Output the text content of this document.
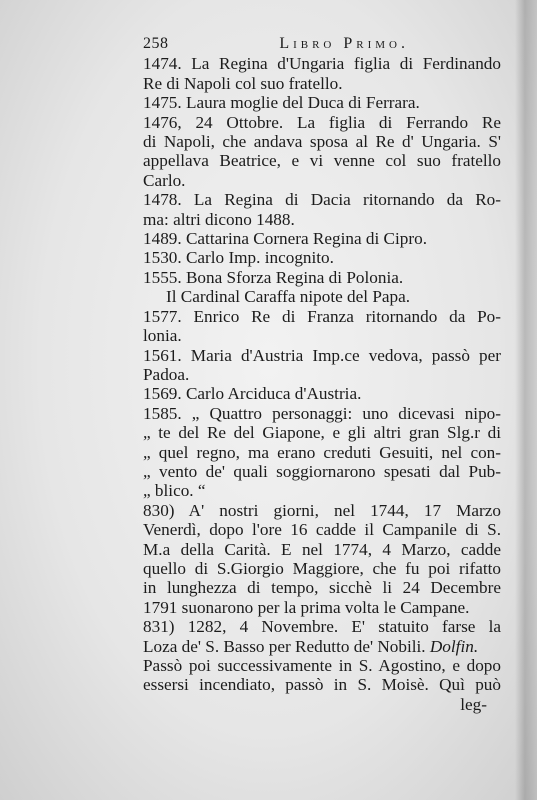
258	Libro Primo.
1474. La Regina d'Ungaria figlia di Ferdinando
Re di Napoli col suo fratello.
1475. Laura moglie del Duca di Ferrara.
1476, 24 Ottobre. La figlia di Ferrando Re
di Napoli, che andava sposa al Re d' Ungaria. S'
appellava Beatrice, e vi venne col suo fratello
Carlo.
1478. La Regina di Dacia ritornando da Ro-
ma: altri dicono 1488.
1489. Cattarina Cornera Regina di Cipro.
1530. Carlo Imp. incognito.
1555. Bona Sforza Regina di Polonia.
Il Cardinal Caraffa nipote del Papa.
1577. Enrico Re di Franza ritornando da Po-
lonia.
1561. Maria d'Austria Imp.ce vedova, passò per
Padoa.
1569. Carlo Arciduca d'Austria.
1585. „ Quattro personaggi: uno dicevasi nipo-
„ te del Re del Giapone, e gli altri gran Slg.r di
„ quel regno, ma erano creduti Gesuiti, nel con-
„ vento de' quali soggiornarono spesati dal Pub-
„ blico. “
830) A' nostri giorni, nel 1744, 17 Marzo
Venerdì, dopo l'ore 16 cadde il Campanile di S.
M.a della Carità. E nel 1774, 4 Marzo, cadde
quello di S.Giorgio Maggiore, che fu poi rifatto
in lunghezza di tempo, sicchè li 24 Decembre
1791 suonarono per la prima volta le Campane.
831) 1282, 4 Novembre. E' statuito farse la
Loza de' S. Basso per Redutto de' Nobili. Dolfin.
Passò poi successivamente in S. Agostino, e dopo
essersi incendiato, passò in S. Moisè. Quì può
leg-
